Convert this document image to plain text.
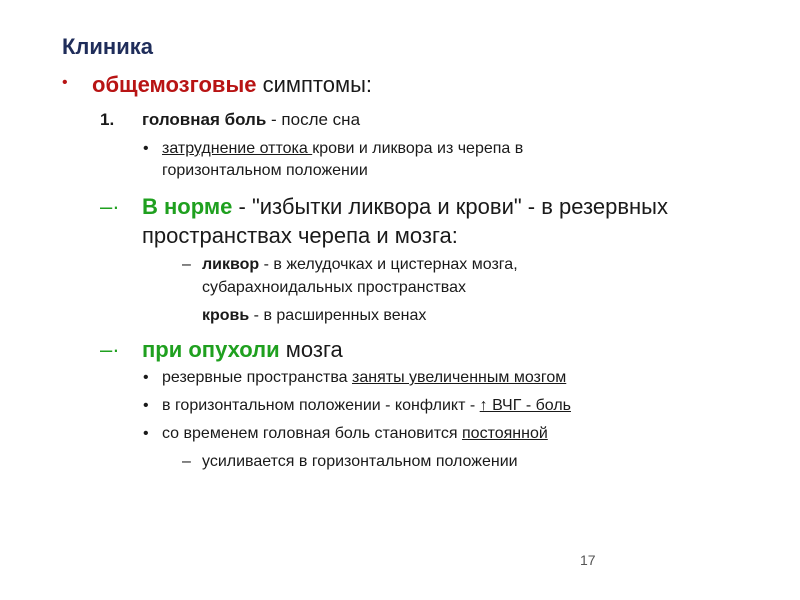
Клиника
• общемозговые симптомы:
1. головная боль - после сна
• затруднение оттока крови и ликвора из черепа в
горизонтальном положении
–· В норме - "избытки ликвора и крови" - в резервных
пространствах черепа и мозга:
– ликвор - в желудочках и цистернах мозга,
субарахноидальных пространствах
кровь - в расширенных венах
–· при опухоли мозга
• резервные пространства заняты увеличенным мозгом
• в горизонтальном положении - конфликт - ↑ ВЧГ - боль
• со временем головная боль становится постоянной
– усиливается в горизонтальном положении
17
